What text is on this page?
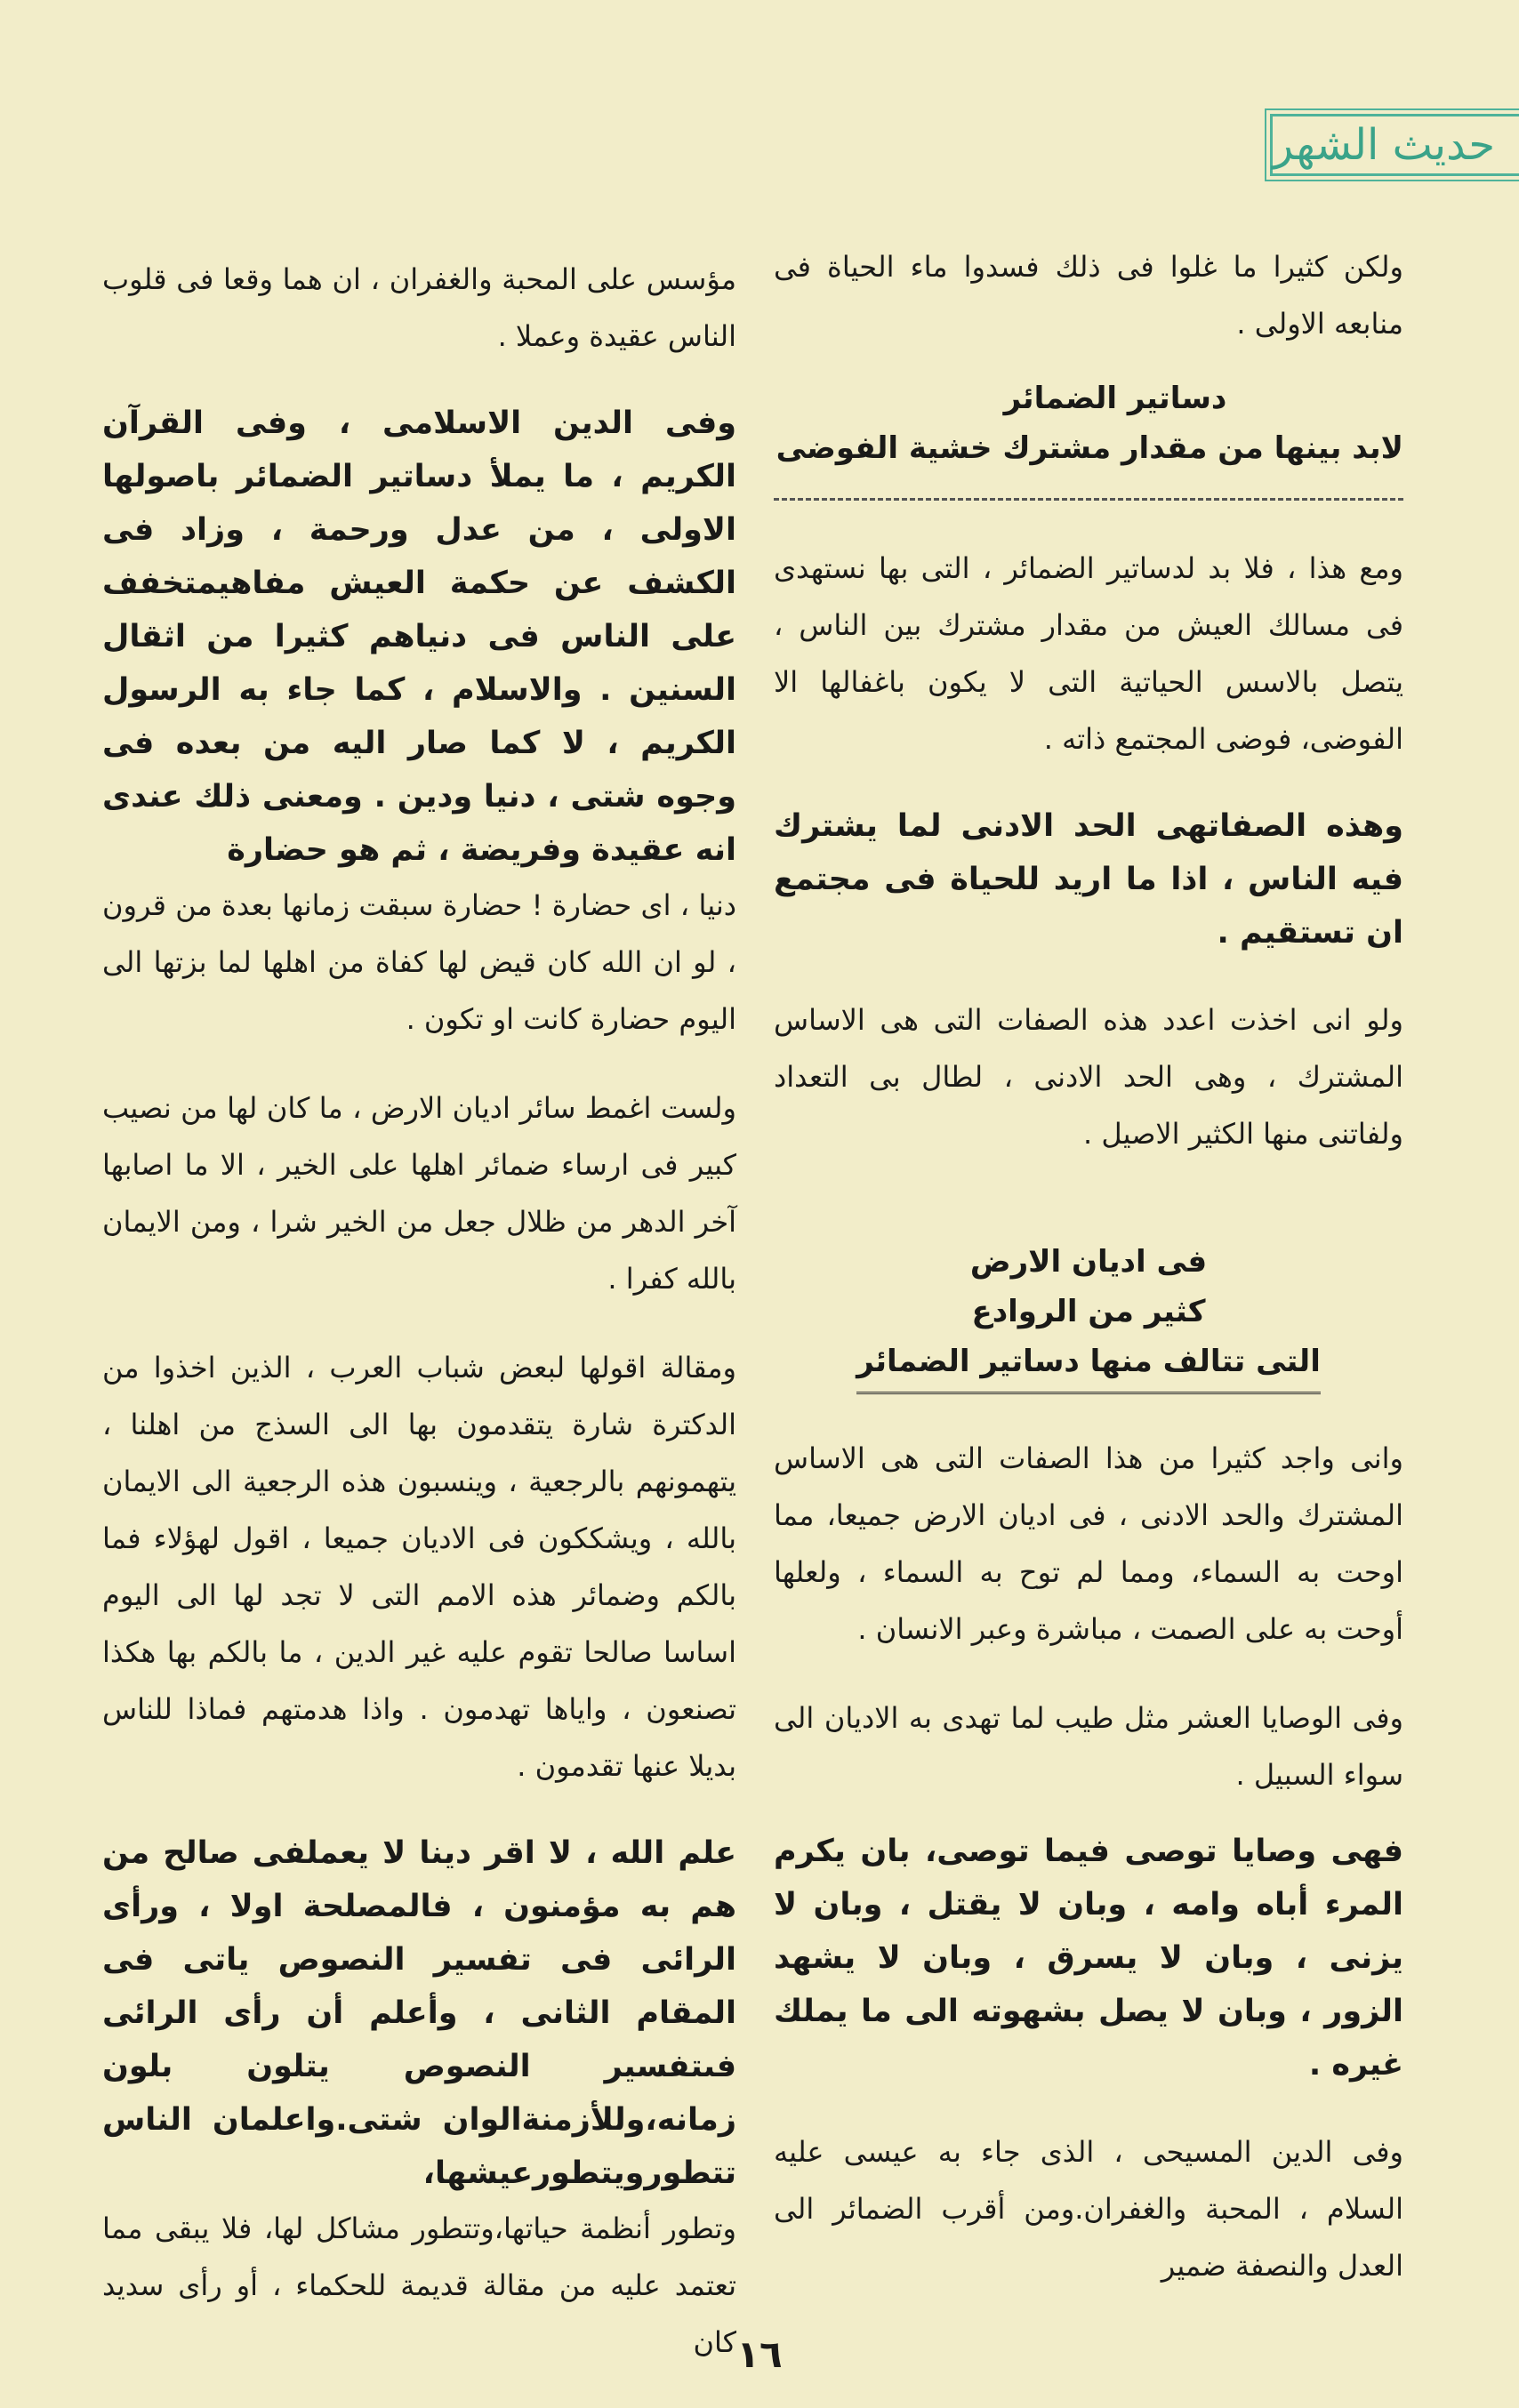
حديث الشهر

ولكن كثيرا ما غلوا فى ذلك فسدوا ماء الحياة فى منابعه الاولى .

دساتير الضمائر
لابد بينها من مقدار مشترك خشية الفوضى

ومع هذا ، فلا بد لدساتير الضمائر ، التى بها نستهدى فى مسالك العيش من مقدار مشترك بين الناس ، يتصل بالاسس الحياتية التى لا يكون باغفالها الا الفوضى، فوضى المجتمع ذاته .

وهذه الصفاتهى الحد الادنى لما يشترك فيه الناس ، اذا ما اريد للحياة فى مجتمع ان تستقيم .

ولو انى اخذت اعدد هذه الصفات التى هى الاساس المشترك ، وهى الحد الادنى ، لطال بى التعداد ولفاتنى منها الكثير الاصيل .

فى اديان الارض
كثير من الروادع
التى تتالف منها دساتير الضمائر

وانى واجد كثيرا من هذا الصفات التى هى الاساس المشترك والحد الادنى ، فى اديان الارض جميعا، مما اوحت به السماء، ومما لم توح به السماء ، ولعلها أوحت به على الصمت ، مباشرة وعبر الانسان .

وفى الوصايا العشر مثل طيب لما تهدى به الاديان الى سواء السبيل .

فهى وصايا توصى فيما توصى، بان يكرم المرء أباه وامه ، وبان لا يقتل ، وبان لا يزنى ، وبان لا يسرق ، وبان لا يشهد الزور ، وبان لا يصل بشهوته الى ما يملك غيره .

وفى الدين المسيحى ، الذى جاء به عيسى عليه السلام ، المحبة والغفران.ومن أقرب الضمائر الى العدل والنصفة ضمير

مؤسس على المحبة والغفران ، ان هما وقعا فى قلوب الناس عقيدة وعملا .

وفى الدين الاسلامى ، وفى القرآن الكريم ، ما يملأ دساتير الضمائر باصولها الاولى ، من عدل ورحمة ، وزاد فى الكشف عن حكمة العيش مفاهيمتخفف على الناس فى دنياهم كثيرا من اثقال السنين . والاسلام ، كما جاء به الرسول الكريم ، لا كما صار اليه من بعده فى وجوه شتى ، دنيا ودين . ومعنى ذلك عندى انه عقيدة وفريضة ، ثم هو حضارة

دنيا ، اى حضارة ! حضارة سبقت زمانها بعدة من قرون ، لو ان الله كان قيض لها كفاة من اهلها لما بزتها الى اليوم حضارة كانت او تكون .

ولست اغمط سائر اديان الارض ، ما كان لها من نصيب كبير فى ارساء ضمائر اهلها على الخير ، الا ما اصابها آخر الدهر من ظلال جعل من الخير شرا ، ومن الايمان بالله كفرا .

ومقالة اقولها لبعض شباب العرب ، الذين اخذوا من الدكترة شارة يتقدمون بها الى السذج من اهلنا ، يتهمونهم بالرجعية ، وينسبون هذه الرجعية الى الايمان بالله ، ويشككون فى الاديان جميعا ، اقول لهؤلاء فما بالكم وضمائر هذه الامم التى لا تجد لها الى اليوم اساسا صالحا تقوم عليه غير الدين ، ما بالكم بها هكذا تصنعون ، واياها تهدمون . واذا هدمتهم فماذا للناس بديلا عنها تقدمون .

علم الله ، لا اقر دينا لا يعملفى صالح من هم به مؤمنون ، فالمصلحة اولا ، ورأى الرائى فى تفسير النصوص ياتى فى المقام الثانى ، وأعلم أن رأى الرائى فىتفسير النصوص يتلون بلون زمانه،وللأزمنةالوان شتى.واعلمان الناس تتطورويتطورعيشها،

وتطور أنظمة حياتها،وتتطور مشاكل لها، فلا يبقى مما تعتمد عليه من مقالة قديمة للحكماء ، أو رأى سديد كان ١٦
